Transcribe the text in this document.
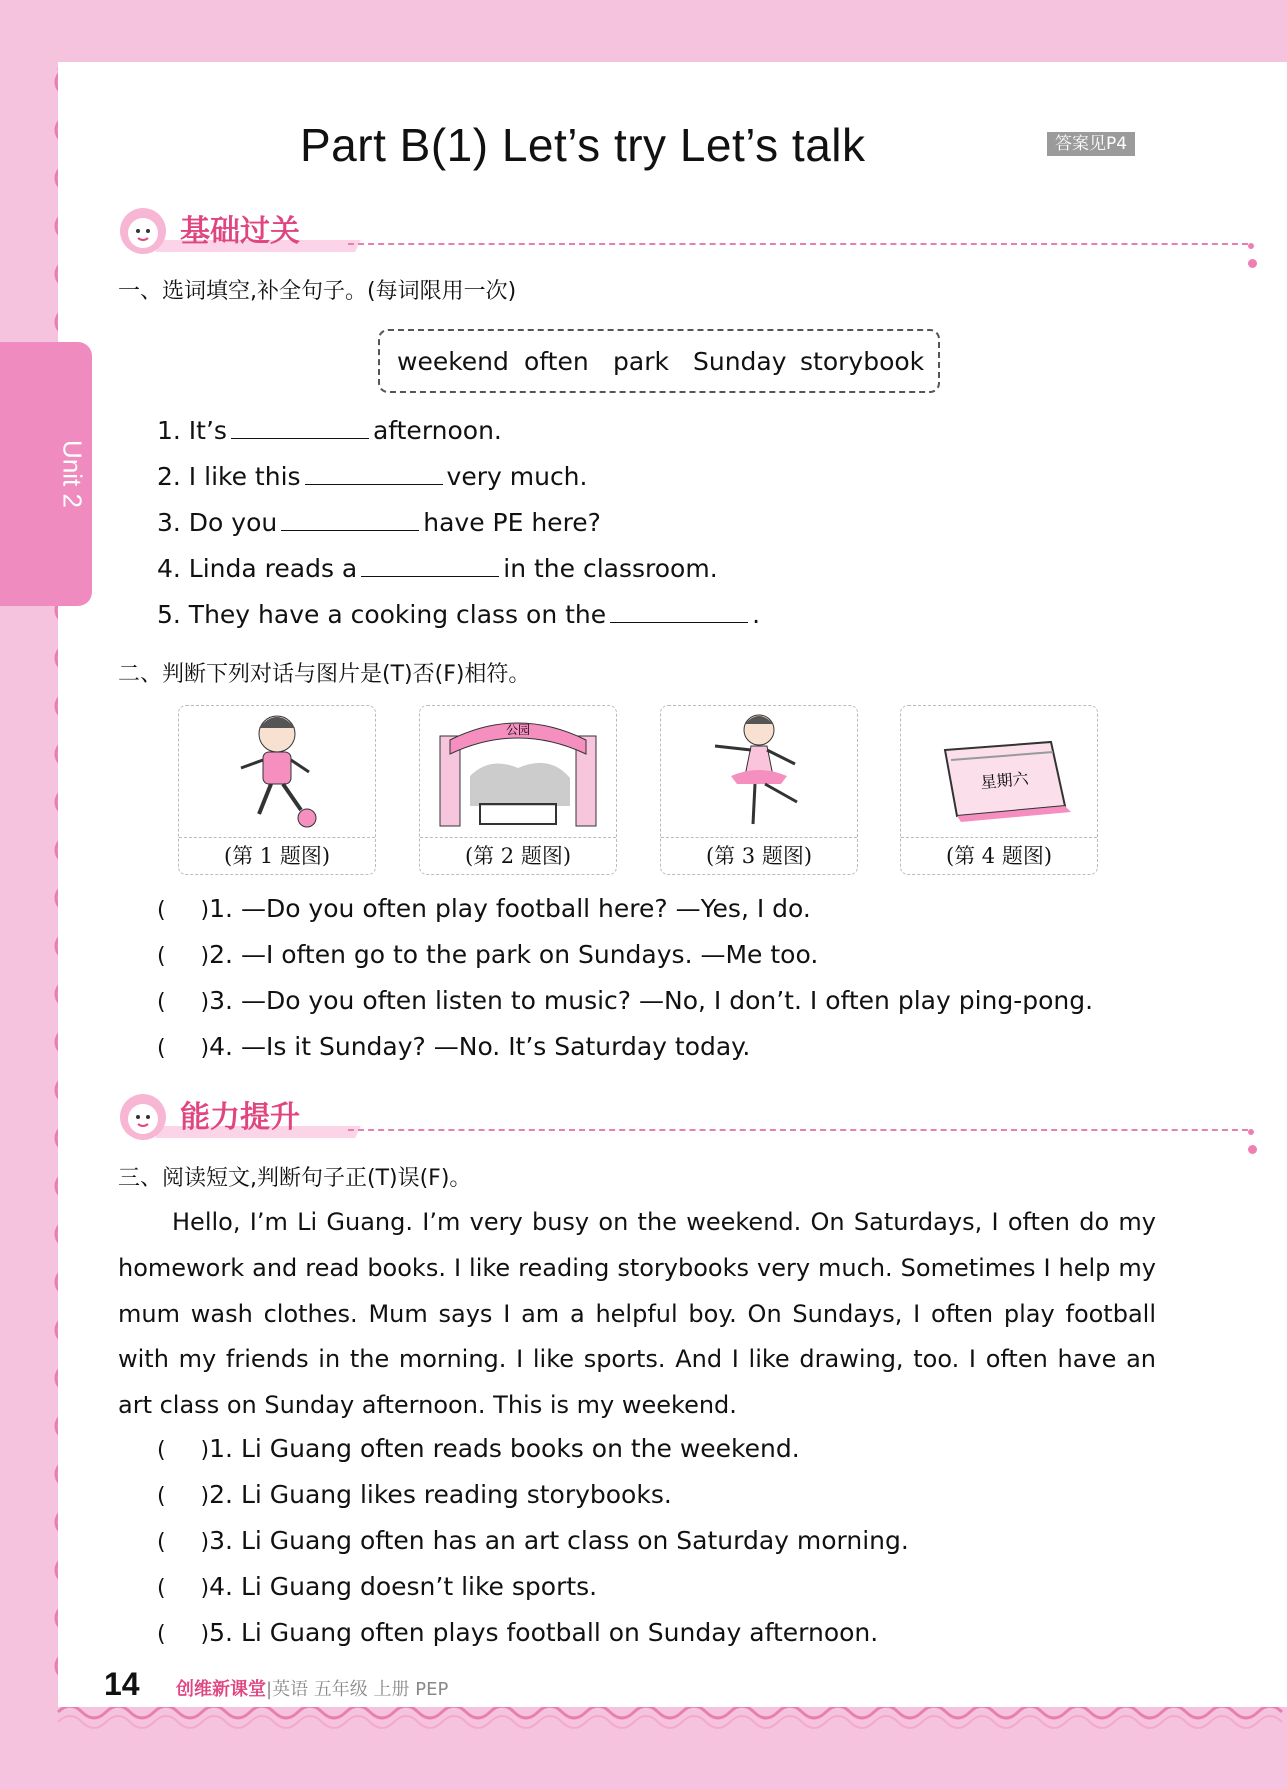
Unit 2
Part B(1) Let’s try Let’s talk	答案见P4
基础过关
一、选词填空,补全句子。(每词限用一次)
weekend often park Sunday storybook
1. It’s	afternoon.
2. I like this	very much.
3. Do you	have PE here?
4. Linda reads a	in the classroom.
5. They have a cooking class on the	.
二、判断下列对话与图片是(T)否(F)相符。
(第 1 题图)
公园
(第 2 题图)	(第 3 题图)
星期六
(第 4 题图)
(     )1. —Do you often play football here? —Yes, I do.
(     )2. —I often go to the park on Sundays. —Me too.
(     )3. —Do you often listen to music? —No, I don’t. I often play ping-pong.
(     )4. —Is it Sunday? —No. It’s Saturday today.
能力提升
三、阅读短文,判断句子正(T)误(F)。

Hello, I’m Li Guang. I’m very busy on the weekend. On Saturdays, I often do my homework and read books. I like reading storybooks very much. Sometimes I help my mum wash clothes. Mum says I am a helpful boy. On Sundays, I often play football with my friends in the morning. I like sports. And I like drawing, too. I often have an art class on Sunday afternoon. This is my weekend.

(     )1. Li Guang often reads books on the weekend.
(     )2. Li Guang likes reading storybooks.
(     )3. Li Guang often has an art class on Saturday morning.
(     )4. Li Guang doesn’t like sports.
(     )5. Li Guang often plays football on Sunday afternoon.
14 创维新课堂|英语 五年级 上册 PEP
